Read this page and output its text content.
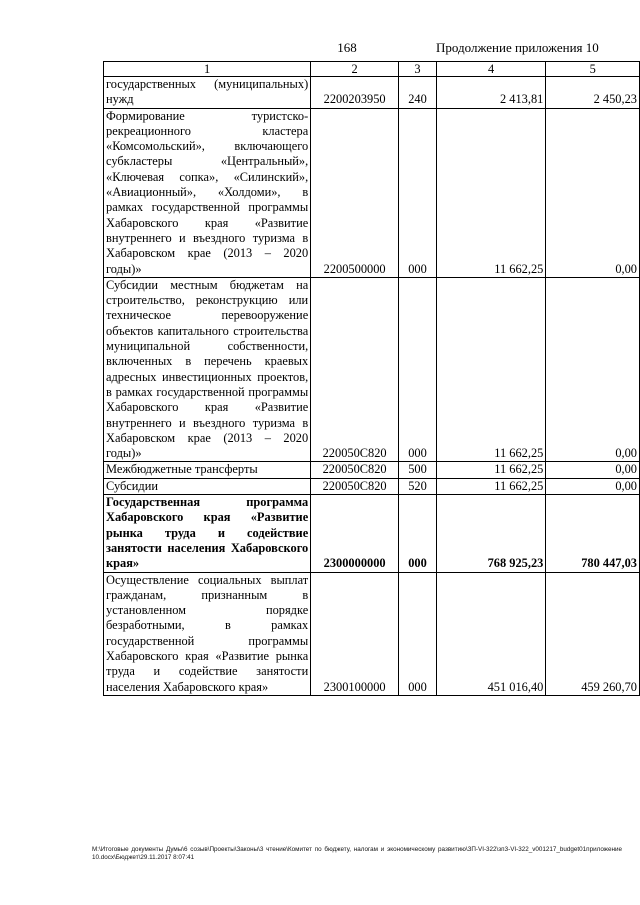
168	Продолжение приложения 10
1	2	3	4	5
государственных (муниципальных) нужд	2200203950	240	2 413,81	2 450,23
Формирование туристско-рекреационного кластера «Комсомольский», включающего субкластеры «Центральный», «Ключевая сопка», «Силинский», «Авиационный», «Холдоми», в рамках государственной программы Хабаровского края «Развитие внутреннего и въездного туризма в Хабаровском крае (2013 – 2020 годы)»	2200500000	000	11 662,25	0,00
Субсидии местным бюджетам на строительство, реконструкцию или техническое перевооружение объектов капитального строительства муниципальной собственности, включенных в перечень краевых адресных инвестиционных проектов, в рамках государственной программы Хабаровского края «Развитие внутреннего и въездного туризма в Хабаровском крае (2013 – 2020 годы)»	220050С820	000	11 662,25	0,00
Межбюджетные трансферты	220050С820	500	11 662,25	0,00
Субсидии	220050С820	520	11 662,25	0,00
Государственная программа Хабаровского края «Развитие рынка труда и содействие занятости населения Хабаровского края»	2300000000	000	768 925,23	780 447,03
Осуществление социальных выплат гражданам, признанным в установленном порядке безработными, в рамках государственной программы Хабаровского края «Развитие рынка труда и содействие занятости населения Хабаровского края»	2300100000	000	451 016,40	459 260,70
М:\Итоговые документы Думы\6 созыв\Проекты\Законы\3 чтение\Комитет по бюджету, налогам и экономическому развитию\ЗП-VI-322\зп3-VI-322_v001217_budget01приложение 10.docx\Бюджет\29.11.2017 8:07:41
